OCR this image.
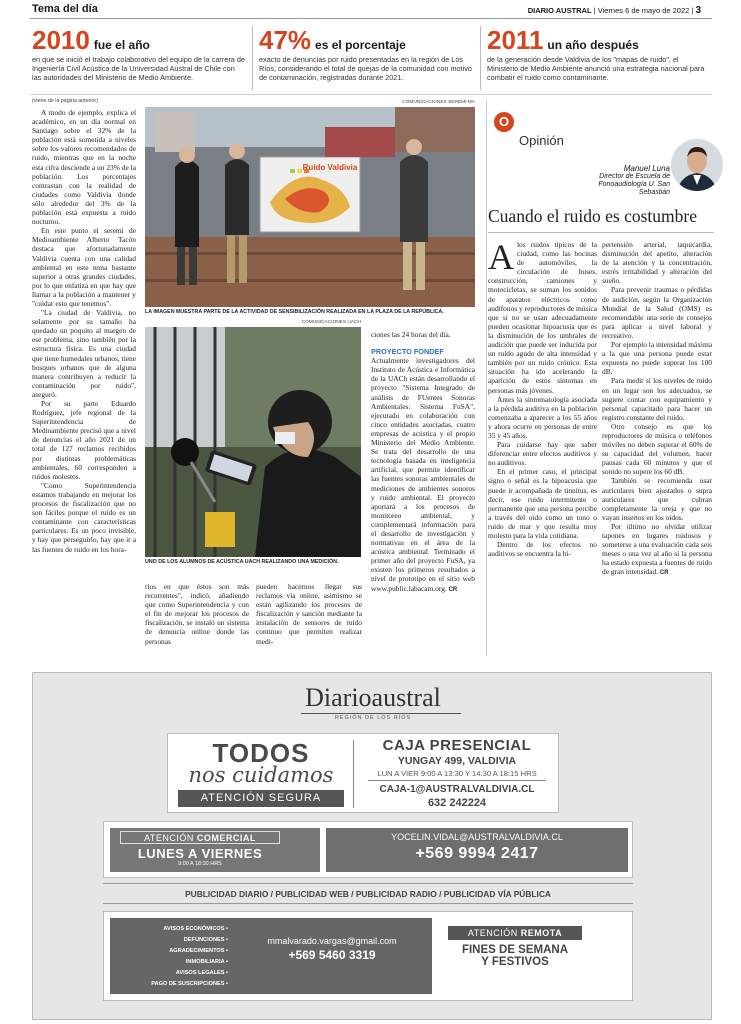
Tema del día	DIARIO AUSTRAL | Viernes 6 de mayo de 2022 | 3
2010 fue el año
en que se inició el trabajo colaborativo del equipo de la carrera de Ingeniería Civil Acústica de la Universidad Austral de Chile con las autoridades del Ministerio de Medio Ambiente.
47% es el porcentaje
exacto de denuncias por ruido presentadas en la región de Los Ríos, considerando el total de quejas de la comunidad con motivo de contaminación, registradas durante 2021.
2011 un año después
de la generación desde Valdivia de los "mapas de ruido", el Ministerio de Medio Ambiente anunció una estrategia nacional para combatir el ruido como contaminante.
(viene de la página anterior)

A modo de ejemplo, explica el académico, en un día normal en Santiago sobre el 32% de la población está sometida a niveles sobre los valores recomendados de ruido, mientras que en la noche esta cifra desciende a un 23% de la población. Los porcentajes contrastan con la realidad de ciudades como Valdivia donde sólo alrededor del 3% de la población está expuesta a ruido nocturno.

En este punto el seremi de Medioambiente Alberto Tacón destaca que afortunadamente Valdivia cuenta con una calidad ambiental en este tema bastante superior a otras grandes ciudades, por lo que enfatiza en que hay que llamar a la población a mantener y "cuidar esto que tenemos".

"La ciudad de Valdivia, no solamente por su tamaño ha quedado un poquito al margen de ese problema, sino también por la estructura física. Es una ciudad que tiene humedales urbanos, tiene bosques urbanos que de alguna manera contribuyen a reducir la contaminación por ruido", aseguró.

Por su parte Eduardo Rodríguez, jefe regional de la Superintendencia de Medioambiente precisó que a nivel de denuncias el año 2021 de un total de 127 reclamos recibidos por distintas problemáticas ambientales, 60 corresponden a ruidos molestos.

"Como Superintendencia estamos trabajando en mejorar los procesos de fiscalización que no son fáciles porque el ruido es un contaminante con características particulares. Es un poco invisible, y hay que perseguirlo, hay que ir a las fuentes de ruido en los hora-

COMUNICACIONES SEREMI MA
Ruido Valdivia
LA IMAGEN MUESTRA PARTE DE LA ACTIVIDAD DE SENSIBILIZACIÓN REALIZADA EN LA PLAZA DE LA REPÚBLICA.
COMUNICACIONES UACH
UNO DE LOS ALUMNOS DE ACÚSTICA UACH REALIZANDO UNA MEDICIÓN.

rios en que éstos son más recurrentes", indicó, añadiendo que como Superintendencia y con el fin de mejorar los procesos de fiscalización, se instaló un sistema de denuncia online donde las personas

pueden hacernos llegar sus reclamos vía online, asimismo se están agilizando los procesos de fiscalización y sanción mediante la instalación de sensores de ruido continuo que permiten realizar medi-

ciones las 24 horas del día.

PROYECTO FONDEF

Actualmente investigadores del Instituto de Acústica e Informática de la UACh están desarrollando el proyecto "Sistema Integrado de análisis de FUentes Sonoras Ambientales: Sistema FuSA", ejecutado en colaboración con cinco entidades asociadas, cuatro empresas de acústica y el propio Ministerio del Medio Ambiente. Se trata del desarrollo de una tecnología basada en inteligencia artificial, que permite identificar las fuentes sonoras ambientales de mediciones de ambientes sonoros y ruido ambiental. El proyecto aportará a los procesos de monitoreo ambiental, y complementará información para el desarrollo de investigación y normativas en el área de la acústica ambiental. Terminado el primer año del proyecto FuSA, ya existen los primeros resultados a nivel de prototipo en el sitio web www.public.labacam.org. CR

O
Opinión
Manuel Luna
Director de Escuela de
Fonoaudiología U. San Sebastián
Cuando el ruido es costumbre

Alos ruidos típicos de la ciudad, como las bocinas de automóviles, la circulación de buses, construcción, camiones y motocicletas, se suman los sonidos de aparatos eléctricos como audífonos y reproductores de música que si no se usan adecuadamente pueden ocasionar hipoacusia que es la disminución de los umbrales de audición que puede ser inducida por un ruido agudo de alta intensidad y también por un ruido crónico. Esta situación ha ido acelerando la aparición de estos síntomas en personas más jóvenes.

Antes la sintomatología asociada a la pérdida auditiva en la población comenzaba a aparecer a los 55 años y ahora ocurre en personas de entre 35 y 45 años.

Para cuidarse hay que saber diferenciar entre efectos auditivos y no auditivos.

En el primer caso, el principal signo o señal es la hipoacusia que puede ir acompañada de tinnitus, es decir, ese ruido intermitente o permanente que una persona percibe a través del oído como un tono o ruido de mar y que resulta muy molesto para la vida cotidiana.

Dentro de los efectos no auditivos se encuentra la hi-

pertensión arterial, taquicardia, disminución del apetito, alteración de la atención y la concentración, estrés irritabilidad y alteración del sueño.

Para prevenir traumas o pérdidas de audición, según la Organización Mundial de la Salud (OMS) es recomendable una serie de consejos para aplicar a nivel laboral y recreativo.

Por ejemplo la intensidad máxima a la que una persona puede estar expuesta no puede superar los 100 dB.

Para medir si los niveles de ruido en un lugar son los adecuados, se sugiere contar con equipamiento y personal capacitado para hacer un registro constante del ruido.

Otro consejo es que los reproductores de música o teléfonos móviles no deben superar el 60% de su capacidad del volumen, hacer pausas cada 60 minutos y que el sonido no supere los 60 dB.

También se recomienda usar auriculares bien ajustados o supra auriculares que cubran completamente la oreja y que no vayan insertos en los oídos.

Por último no olvidar utilizar tapones en lugares ruidosos y someterse a una evaluación cada seis meses o una vez al año si la persona ha estado expuesta a fuentes de ruido de gran intensidad. CR

Diarioaustral
REGIÓN DE LOS RÍOS
TODOS
nos cuidamos
ATENCIÓN SEGURA
CAJA PRESENCIAL
YUNGAY 499, VALDIVIA
LUN A VIER 9:00 A 13:30 Y 14:30 A 18:15 HRS
CAJA-1@AUSTRALVALDIVIA.CL
632 242224
ATENCIÓN COMERCIAL
LUNES A VIERNES
9:00 A 18:30 HRS
YOCELIN.VIDAL@AUSTRALVALDIVIA.CL
+569 9994 2417
PUBLICIDAD DIARIO / PUBLICIDAD WEB / PUBLICIDAD RADIO / PUBLICIDAD VÍA PÚBLICA
AVISOS ECONÓMICOS •
DEFUNCIONES •
AGRADECIMIENTOS •
INMOBILIARIA •
AVISOS LEGALES •
PAGO DE SUSCRIPCIONES •
mmalvarado.vargas@gmail.com
+569 5460 3319
ATENCIÓN REMOTA
FINES DE SEMANA
Y FESTIVOS
